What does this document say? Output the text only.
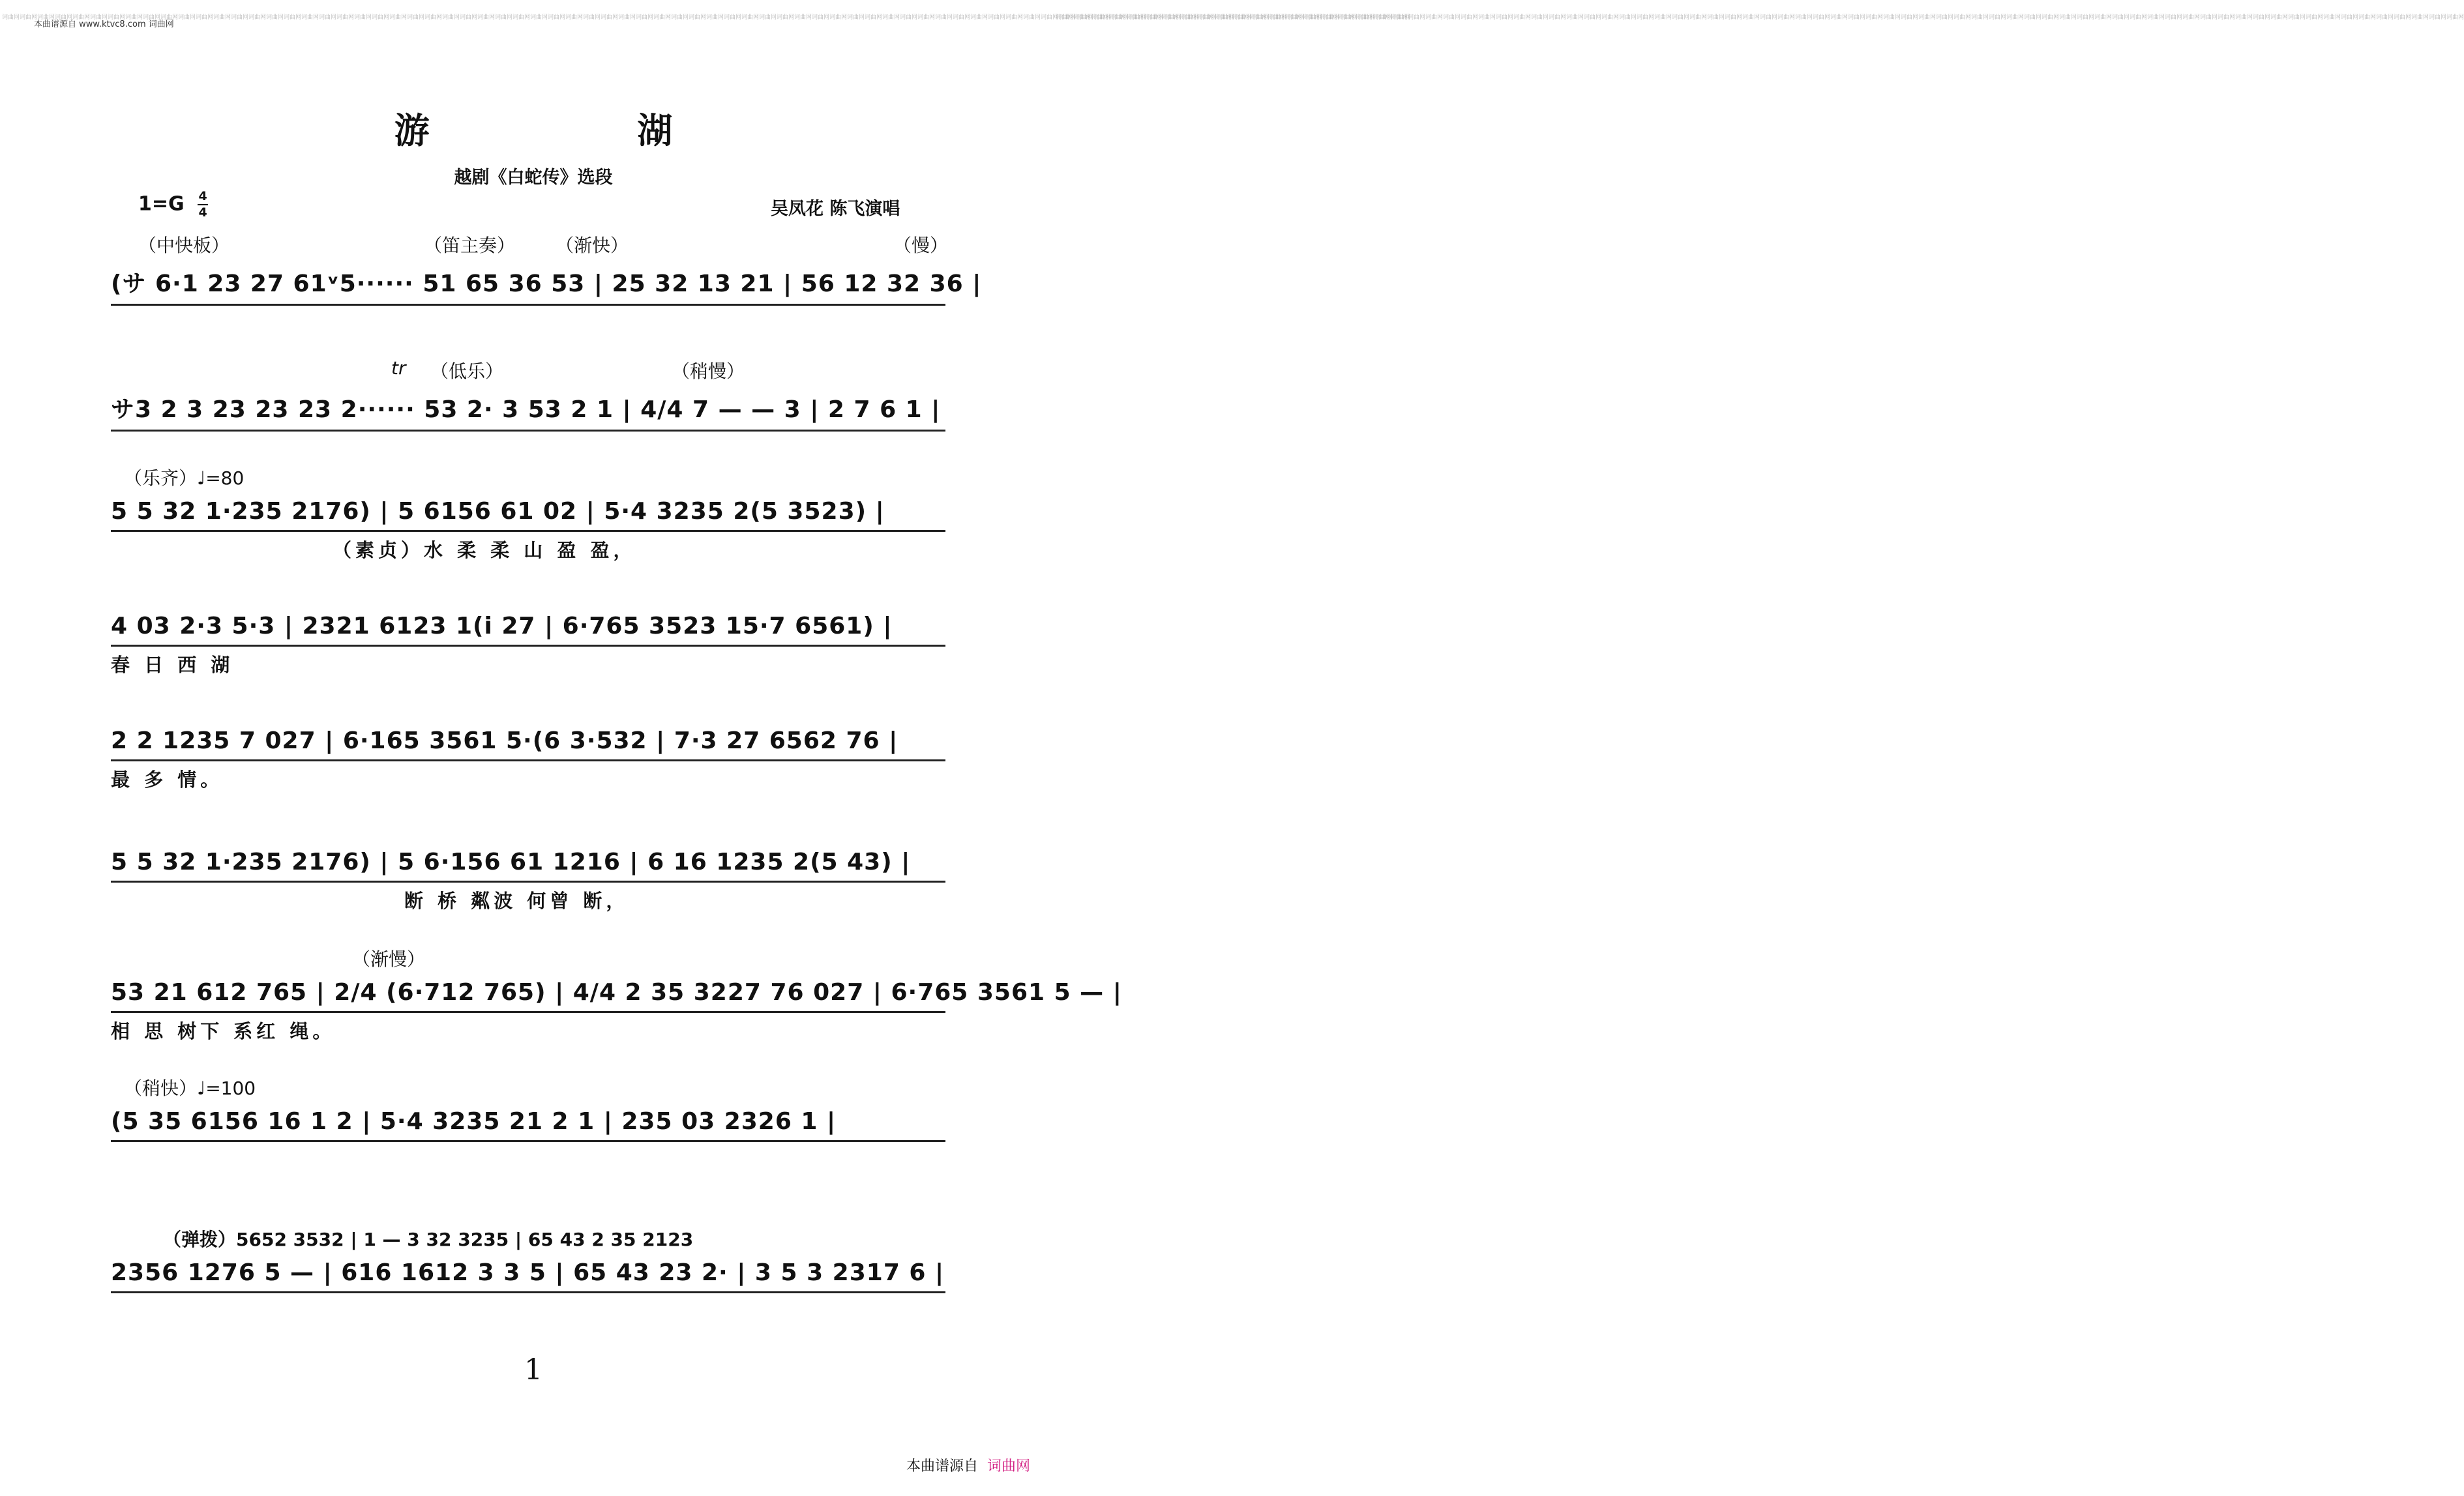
本曲谱源自 www.ktvc8.com 词曲网
词曲网词曲网词曲网词曲网词曲网词曲网词曲网词曲网词曲网词曲网词曲网词曲网词曲网词曲网词曲网词曲网词曲网词曲网词曲网词曲网词曲网词曲网词曲网词曲网词曲网词曲网词曲网词曲网词曲网词曲网词曲网词曲网词曲网词曲网词曲网词曲网词曲网词曲网词曲网词曲网词曲网词曲网词曲网词曲网词曲网词曲网词曲网词曲网词曲网词曲网词曲网词曲网词曲网词曲网词曲网词曲网词曲网词曲网词曲网词曲网词曲网词曲网词曲网词曲网词曲网词曲网词曲网词曲网词曲网词曲网词曲网词曲网词曲网词曲网词曲网词曲网词曲网词曲网词曲网词曲网
词曲网词曲网词曲网词曲网词曲网词曲网词曲网词曲网词曲网词曲网词曲网词曲网词曲网词曲网词曲网词曲网词曲网词曲网词曲网词曲网词曲网词曲网词曲网词曲网词曲网词曲网词曲网词曲网词曲网词曲网词曲网词曲网词曲网词曲网词曲网词曲网词曲网词曲网词曲网词曲网词曲网词曲网词曲网词曲网词曲网词曲网词曲网词曲网词曲网词曲网词曲网词曲网词曲网词曲网词曲网词曲网词曲网词曲网词曲网词曲网词曲网词曲网词曲网词曲网词曲网词曲网词曲网词曲网词曲网词曲网词曲网词曲网词曲网词曲网词曲网词曲网词曲网词曲网词曲网词曲网
游 湖
越剧《白蛇传》选段
$1=G \frac{4}{4}$	吴凤花 陈飞演唱
（中快板）	（笛主奏） （渐快）	（慢）
(サ 6·1 23 27 61ᵛ5······ 51 65 36 53 | 25 32 13 21 | 56 12 32 36 |
tr （低乐）	（稍慢）
サ3 2 3 23 23 23 2······ 53 2· 3 53 2 1 | 4/4 7 — — 3 | 2 7 6 1 |
（乐齐）♩=80
5 5 32 1·235 2176) | 5 6156 61 02 | 5·4 3235 2(5 3523) |
（素贞）水 柔 柔 山 盈 盈，
4 03 2·3 5·3 | 2321 6123 1(i 27 | 6·765 3523 15·7 6561) |
春 日 西 湖
2 2 1235 7 027 | 6·165 3561 5·(6 3·532 | 7·3 27 6562 76 |
最 多 情。
5 5 32 1·235 2176) | 5 6·156 61 1216 | 6 16 1235 2(5 43) |
断 桥 粼波 何曾 断，
（渐慢）
53 21 612 765 | 2/4 (6·712 765) | 4/4 2 35 3227 76 027 | 6·765 3561 5 — |
相 思 树下 系红 绳。
（稍快）♩=100
(5 35 6156 16 1 2 | 5·4 3235 21 2 1 | 235 03 2326 1 |
（弹拨）5652 3532 | 1 — 3 32 3235 | 65 43 2 35 2123
2356 1276 5 — | 616 1612 3 3 5 | 65 43 23 2· | 3 5 3 2317 6 |
1
本曲谱源自 词曲网
